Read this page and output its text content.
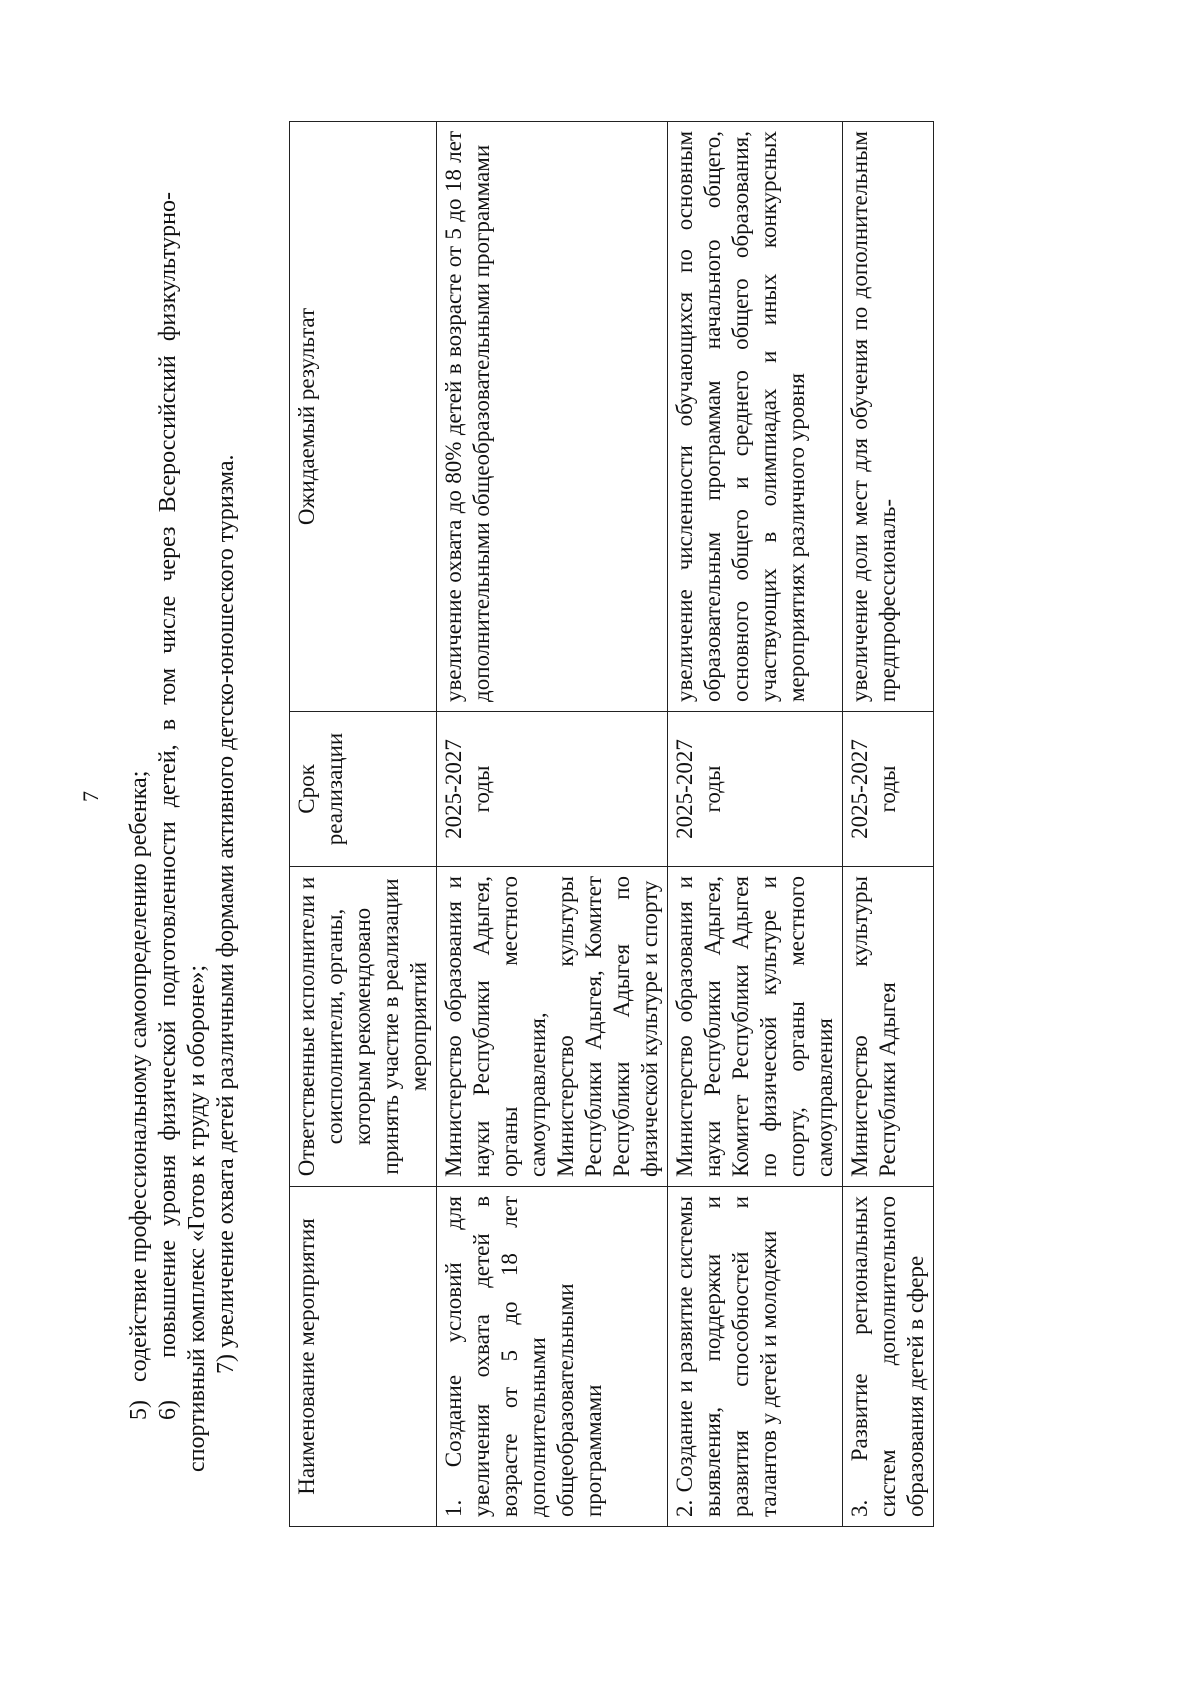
7 5)   содействие профессиональному самоопределению ребенка; 6)   повышение уровня физической подготовленности детей, в том числе через Всероссийский физкультурно-спортивный комплекс «Готов к труду и обороне»; 7) увеличение охвата детей различными формами активного детско-юношеского туризма. Наименование мероприятия	Ответственные исполнители и соисполнители, органы, которым рекомендовано принять участие в реализации мероприятий	Срок реализации	Ожидаемый результат
1. Создание условий для увеличения охвата детей в возрасте от 5 до 18 лет дополнительными общеобразовательными программами	Министерство образования и науки Республики Адыгея, органы местного самоуправления, Министерство культуры Республики Адыгея, Комитет Республики Адыгея по физической культуре и спорту	2025-2027 годы	увеличение охвата до 80% детей в возрасте от 5 до 18 лет дополнительными общеобразовательными программами
2. Создание и развитие системы выявления, поддержки и развития способностей и талантов у детей и молодежи	Министерство образования и науки Республики Адыгея, Комитет Республики Адыгея по физической культуре и спорту, органы местного самоуправления	2025-2027 годы	увеличение численности обучающихся по основным образовательным программам начального общего, основного общего и среднего общего образования, участвующих в олимпиадах и иных конкурсных мероприятиях различного уровня
3. Развитие региональных систем дополнительного образования детей в сфере	Министерство культуры Республики Адыгея	2025-2027 годы	увеличение доли мест для обучения по дополнительным предпрофессиональ-
